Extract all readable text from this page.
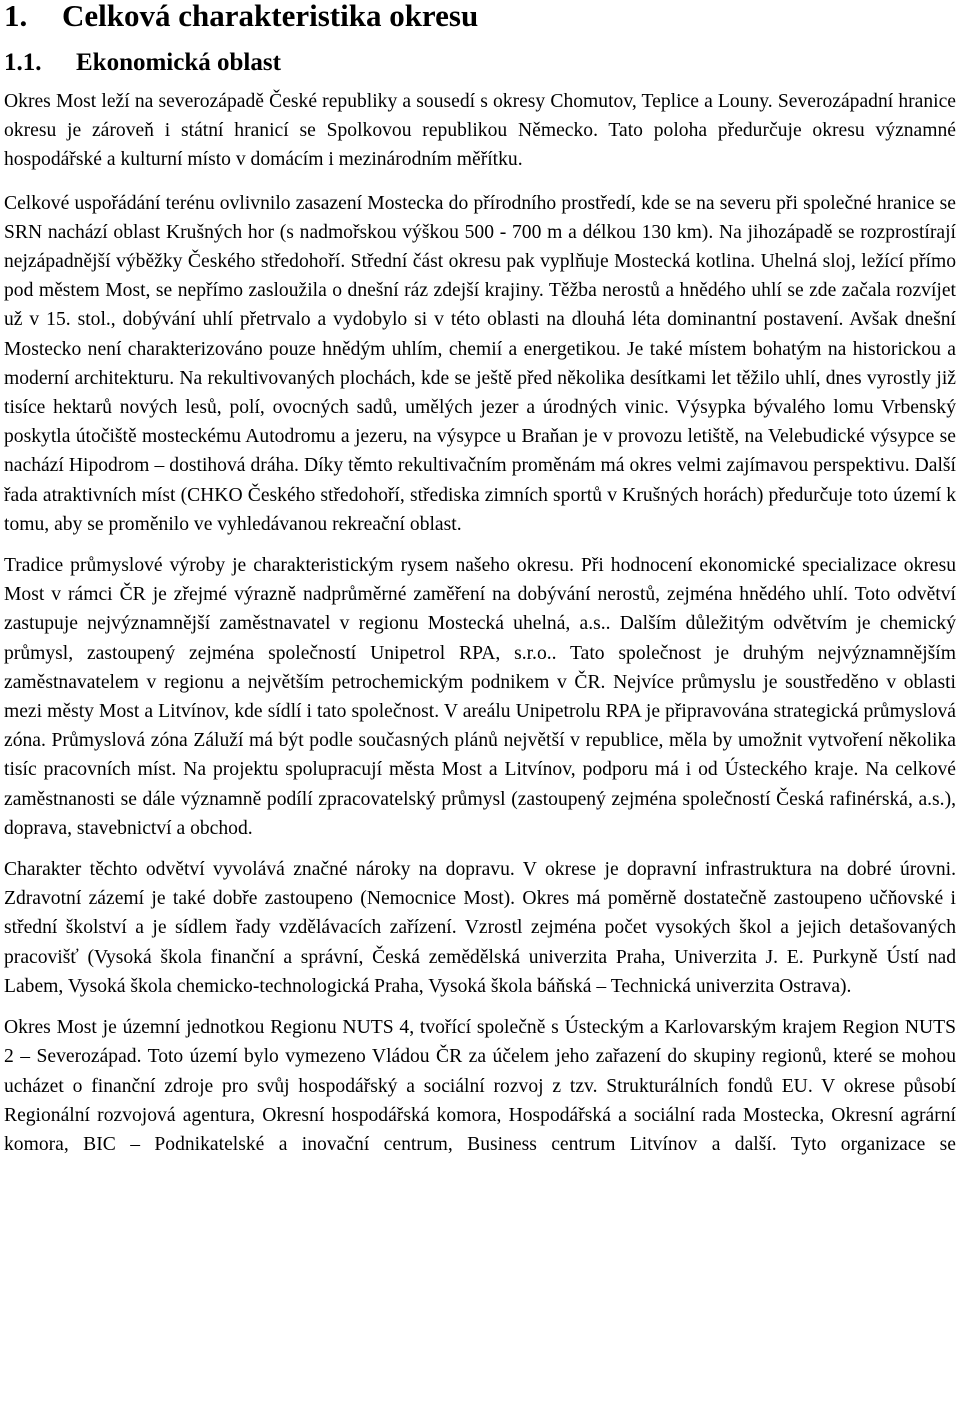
1.	Celková charakteristika okresu
1.1.	Ekonomická oblast

Okres Most leží na severozápadě České republiky a sousedí s okresy Chomutov, Teplice a Louny. Severozápadní hranice okresu je zároveň i státní hranicí se Spolkovou republikou Německo. Tato poloha předurčuje okresu významné hospodářské a kulturní místo v domácím i mezinárodním měřítku.

Celkové uspořádání terénu ovlivnilo zasazení Mostecka do přírodního prostředí, kde se na severu při společné hranice se SRN nachází oblast Krušných hor (s nadmořskou výškou 500 - 700 m a délkou 130 km). Na jihozápadě se rozprostírají nejzápadnější výběžky Českého středohoří. Střední část okresu pak vyplňuje Mostecká kotlina. Uhelná sloj, ležící přímo pod městem Most, se nepřímo zasloužila o dnešní ráz zdejší krajiny. Těžba nerostů a hnědého uhlí se zde začala rozvíjet už v 15. stol., dobývání uhlí přetrvalo a vydobylo si v této oblasti na dlouhá léta dominantní postavení. Avšak dnešní Mostecko není charakterizováno pouze hnědým uhlím, chemií a energetikou. Je také místem bohatým na historickou a moderní architekturu. Na rekultivovaných plochách, kde se ještě před několika desítkami let těžilo uhlí, dnes vyrostly již tisíce hektarů nových lesů, polí, ovocných sadů, umělých jezer a úrodných vinic. Výsypka bývalého lomu Vrbenský poskytla útočiště mosteckému Autodromu a jezeru, na výsypce u Braňan je v provozu letiště, na Velebudické výsypce se nachází Hipodrom – dostihová dráha. Díky těmto rekultivačním proměnám má okres velmi zajímavou perspektivu. Další řada atraktivních míst (CHKO Českého středohoří, střediska zimních sportů v Krušných horách) předurčuje toto území k tomu, aby se proměnilo ve vyhledávanou rekreační oblast.

Tradice průmyslové výroby je charakteristickým rysem našeho okresu. Při hodnocení ekonomické specializace okresu Most v rámci ČR je zřejmé výrazně nadprůměrné zaměření na dobývání nerostů, zejména hnědého uhlí. Toto odvětví zastupuje nejvýznamnější zaměstnavatel v regionu Mostecká uhelná, a.s.. Dalším důležitým odvětvím je chemický průmysl, zastoupený zejména společností Unipetrol RPA, s.r.o.. Tato společnost je druhým nejvýznamnějším zaměstnavatelem v regionu a největším petrochemickým podnikem v ČR. Nejvíce průmyslu je soustředěno v oblasti mezi městy Most a Litvínov, kde sídlí i tato společnost. V areálu Unipetrolu RPA je připravována strategická průmyslová zóna. Průmyslová zóna Záluží má být podle současných plánů největší v republice, měla by umožnit vytvoření několika tisíc pracovních míst. Na projektu spolupracují města Most a Litvínov, podporu má i od Ústeckého kraje. Na celkové zaměstnanosti se dále významně podílí zpracovatelský průmysl (zastoupený zejména společností Česká rafinérská, a.s.), doprava, stavebnictví a obchod.

Charakter těchto odvětví vyvolává značné nároky na dopravu. V okrese je dopravní infrastruktura na dobré úrovni. Zdravotní zázemí je také dobře zastoupeno (Nemocnice Most). Okres má poměrně dostatečně zastoupeno učňovské i střední školství a je sídlem řady vzdělávacích zařízení. Vzrostl zejména počet vysokých škol a jejich detašovaných pracovišť (Vysoká škola finanční a správní, Česká zemědělská univerzita Praha, Univerzita J. E. Purkyně Ústí nad Labem, Vysoká škola chemicko-technologická Praha, Vysoká škola báňská – Technická univerzita Ostrava).

Okres Most je územní jednotkou Regionu NUTS 4, tvořící společně s Ústeckým a Karlovarským krajem Region NUTS 2 – Severozápad. Toto území bylo vymezeno Vládou ČR za účelem jeho zařazení do skupiny regionů, které se mohou ucházet o finanční zdroje pro svůj hospodářský a sociální rozvoj z tzv. Strukturálních fondů EU. V okrese působí Regionální rozvojová agentura, Okresní hospodářská komora, Hospodářská a sociální rada Mostecka, Okresní agrární komora, BIC – Podnikatelské a inovační centrum, Business centrum Litvínov a další. Tyto organizace se
